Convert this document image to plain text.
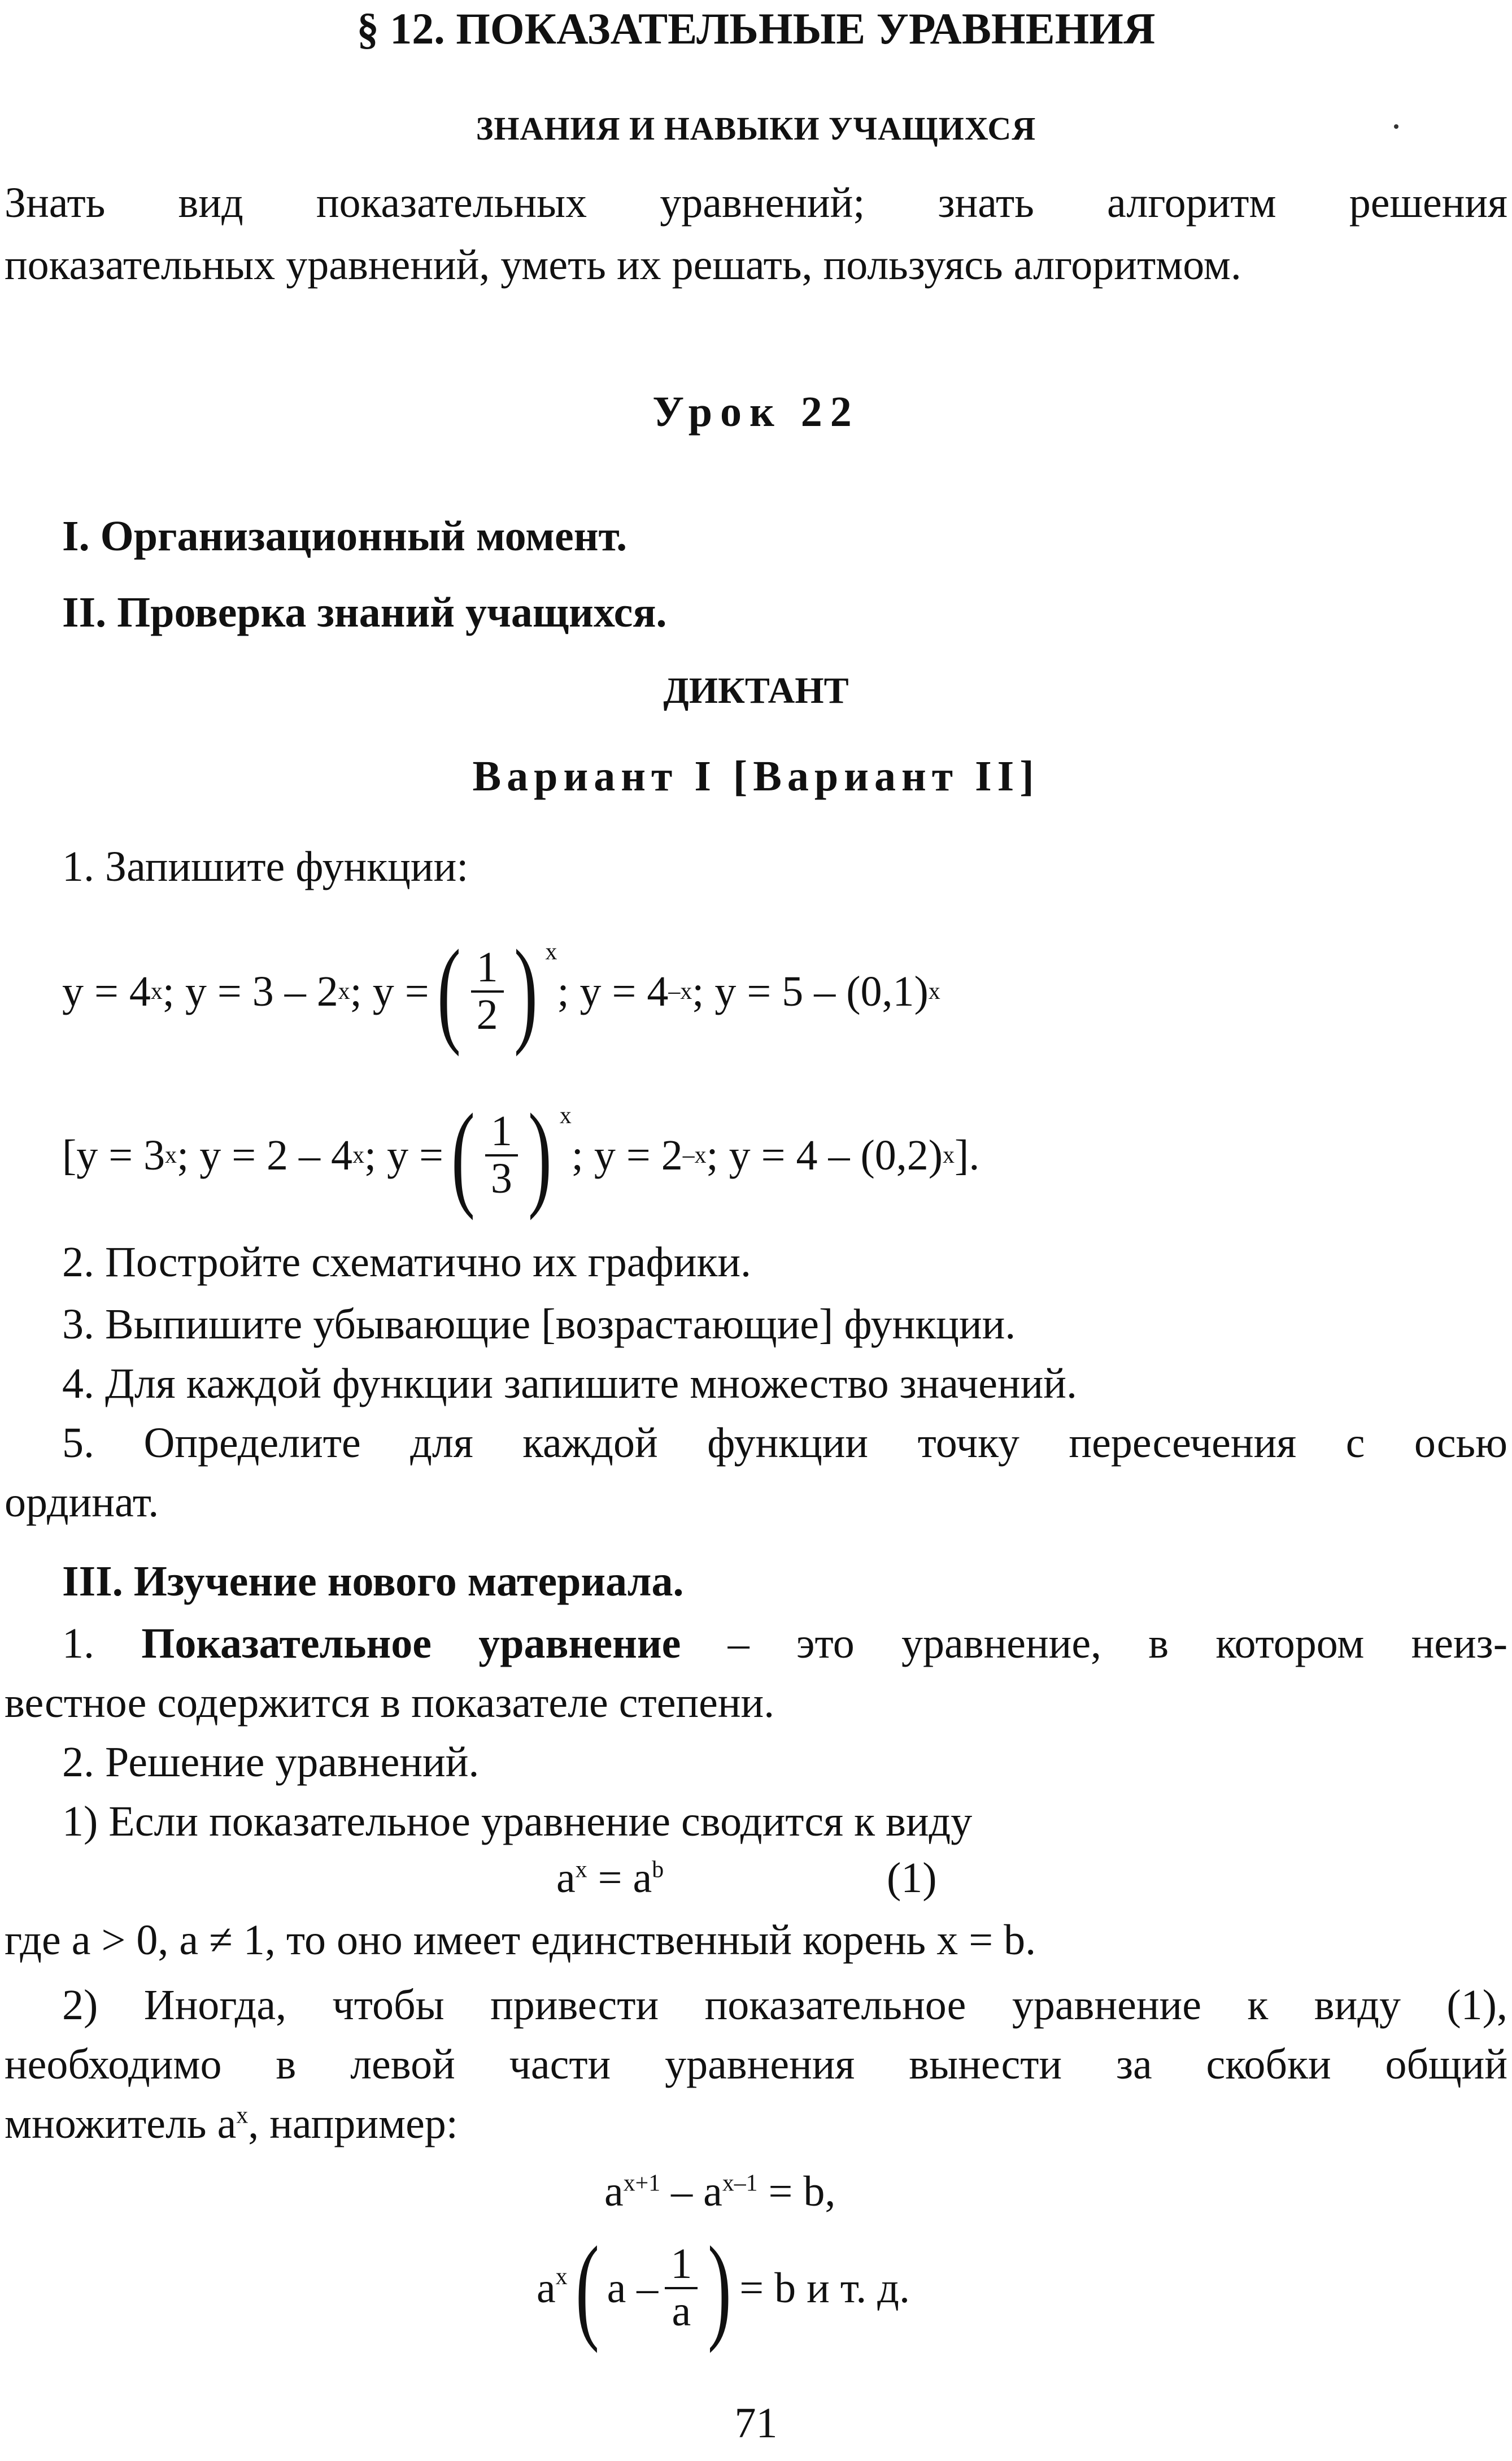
§ 12. ПОКАЗАТЕЛЬНЫЕ УРАВНЕНИЯ
ЗНАНИЯ И НАВЫКИ УЧАЩИХСЯ
Знать вид показательных уравнений; знать алгоритм решения
показательных уравнений, уметь их решать, пользуясь алгоритмом.
Урок 22
I. Организационный момент.
II. Проверка знаний учащихся.
ДИКТАНТ
Вариант I [Вариант II]
1. Запишите функции:
y = 4 x ; y = 3 – 2 x ; y = ( $\frac{1}{2}$ ) $^x$
; y = 4 –x ; y = 5 – (0,1) x
[y = 3 x ; y = 2 – 4 x ; y = ( $\frac{1}{3}$ ) $^x$
; y = 2 –x ; y = 4 – (0,2) x ].
2. Постройте схематично их графики.
3. Выпишите убывающие [возрастающие] функции.
4. Для каждой функции запишите множество значений.
5. Определите для каждой функции точку пересечения с осью
ординат.
III. Изучение нового материала.
1. Показательное уравнение – это уравнение, в котором неиз-
вестное содержится в показателе степени.
2. Решение уравнений.
1) Если показательное уравнение сводится к виду
$a^x = a^b$	(1)
где a > 0, a ≠ 1, то оно имеет единственный корень x = b.
2) Иногда, чтобы привести показательное уравнение к виду (1),
необходимо в левой части уравнения вынести за скобки общий
множитель $a^x$, например:
$a^{x+1} - a^{x-1} = b$,
$a^x$ ( a – $\frac{1}{a}$ ) = b и т. д.
71
